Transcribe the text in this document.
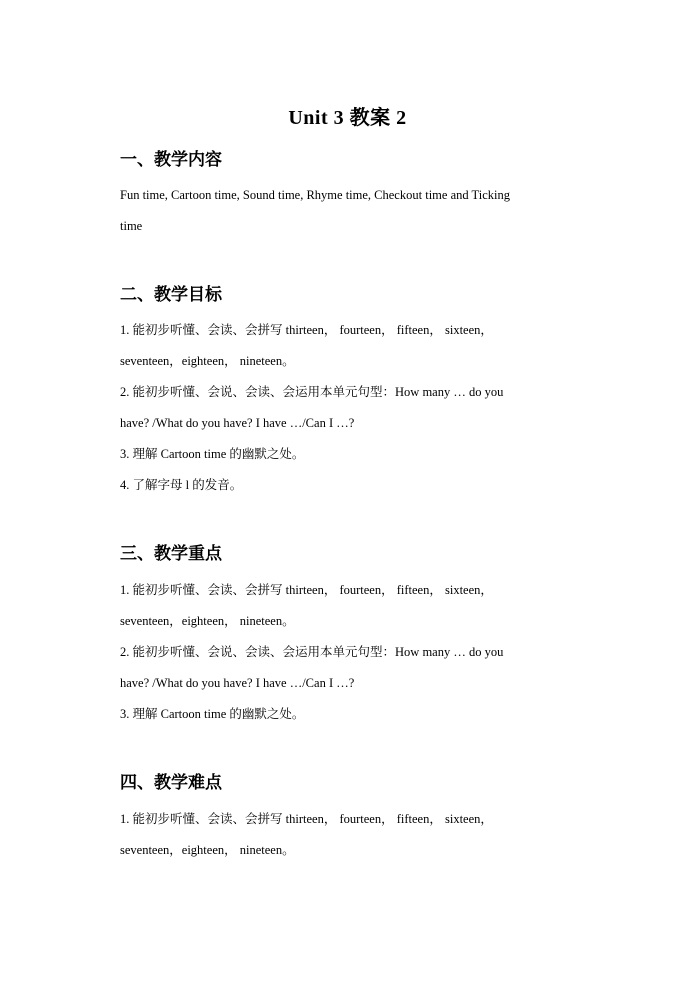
Unit 3 教案 2
一、教学内容
Fun time, Cartoon time, Sound time, Rhyme time, Checkout time and Ticking
time
二、教学目标
1. 能初步听懂、会读、会拼写 thirteen， fourteen， fifteen， sixteen，
seventeen，eighteen， nineteen。
2. 能初步听懂、会说、会读、会运用本单元句型：How many … do you
have? /What do you have? I have …/Can I …?
3. 理解 Cartoon time 的幽默之处。
4. 了解字母 l 的发音。
三、教学重点
1. 能初步听懂、会读、会拼写 thirteen， fourteen， fifteen， sixteen，
seventeen，eighteen， nineteen。
2. 能初步听懂、会说、会读、会运用本单元句型：How many … do you
have? /What do you have? I have …/Can I …?
3. 理解 Cartoon time 的幽默之处。
四、教学难点
1. 能初步听懂、会读、会拼写 thirteen， fourteen， fifteen， sixteen，
seventeen，eighteen， nineteen。
